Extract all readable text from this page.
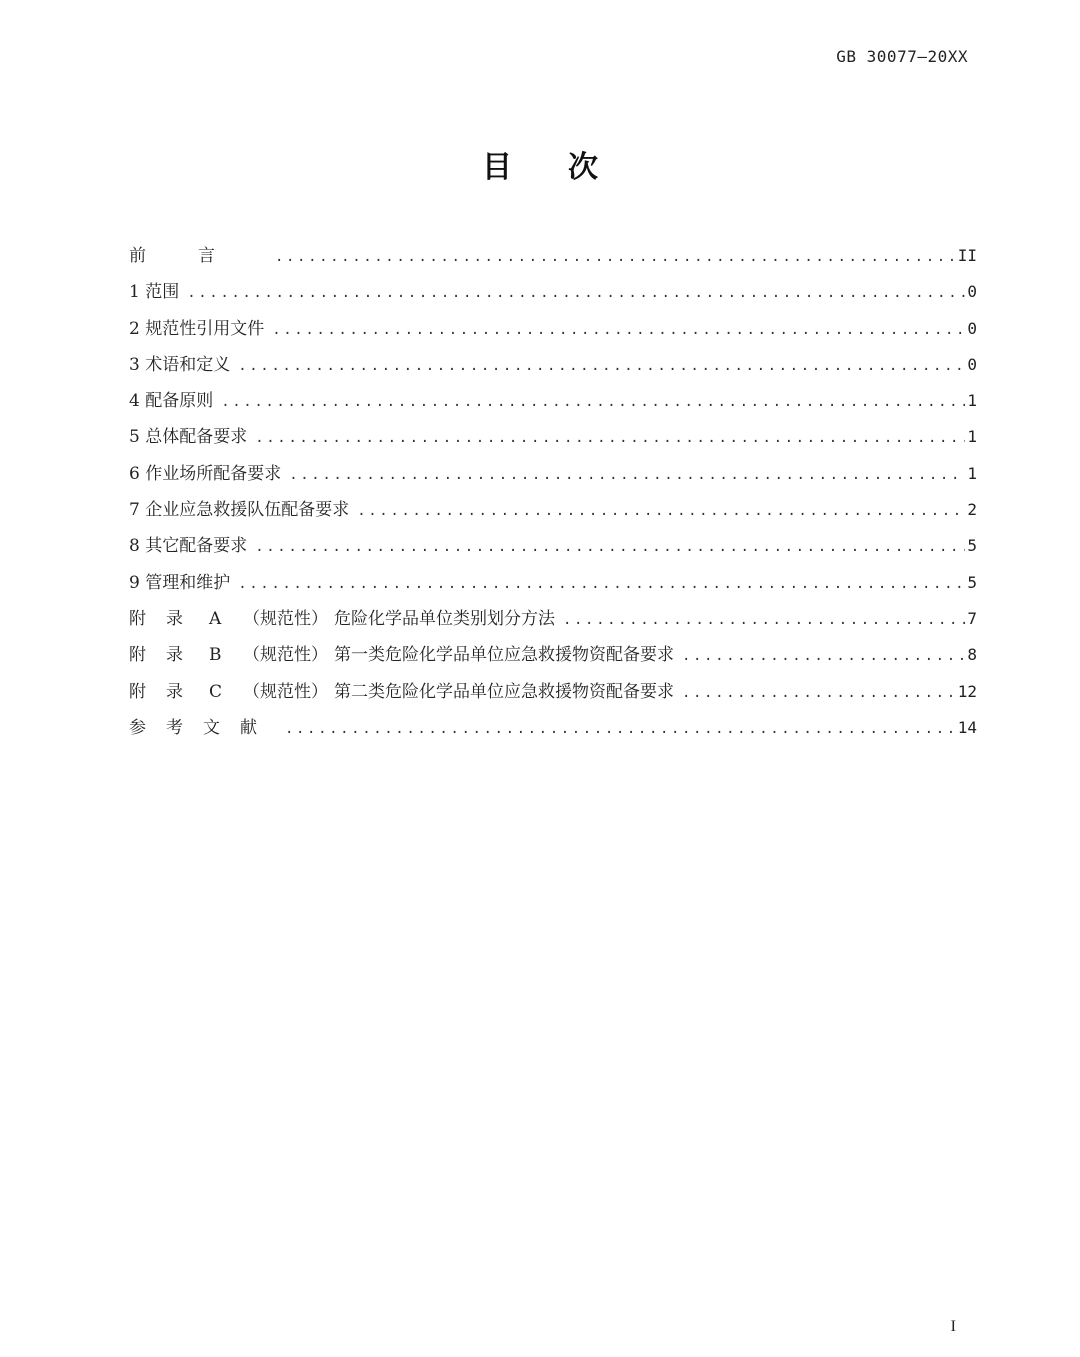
GB 30077—20XX
目次
前言 .....	II
1 范围 .....	0
2 规范性引用文件 .....	0
3 术语和定义 .....	0
4 配备原则 .....	1
5 总体配备要求 .....	1
6 作业场所配备要求 .....	1
7 企业应急救援队伍配备要求 .....	2
8 其它配备要求 .....	5
9 管理和维护 .....	5
附录 A （规范性） 危险化学品单位类别划分方法 .....	7
附录 B （规范性） 第一类危险化学品单位应急救援物资配备要求 .....	8
附录 C （规范性） 第二类危险化学品单位应急救援物资配备要求 .....	12
参考文献 .....	14
I
